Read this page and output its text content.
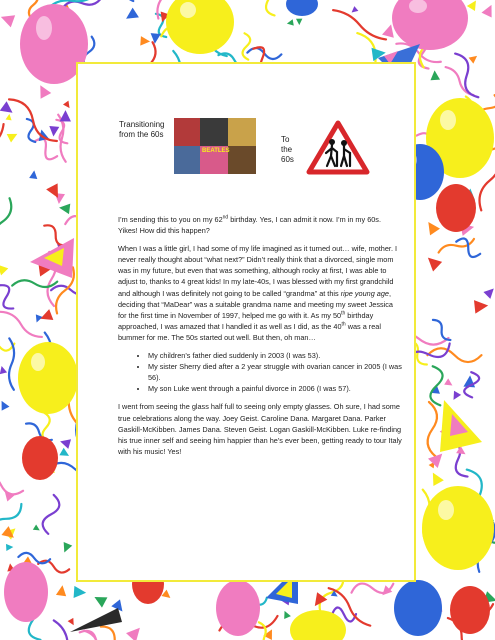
Transitioning from the 60s
BEATLES
To the 60s

I’m sending this to you on my 62nd birthday. Yes, I can admit it now. I’m in my 60s. Yikes! How did this happen?

When I was a little girl, I had some of my life imagined as it turned out… wife, mother. I never really thought about “what next?” Didn’t really think that a divorced, single mom was in my future, but even that was something, although rocky at first, I was able to adjust to, thanks to 4 great kids! In my late-40s, I was blessed with my first grandchild and although I was definitely not going to be called “grandma” at this ripe young age, deciding that “MaDear” was a suitable grandma name and meeting my sweet Jessica for the first time in November of 1997, helped me go with it. As my 50th birthday approached, I was amazed that I handled it as well as I did, as the 40th was a real bummer for me. The 50s started out well. But then, oh man…

• My children’s father died suddenly in 2003 (I was 53).
• My sister Sherry died after a 2 year struggle with ovarian cancer in 2005 (I was 56).
• My son Luke went through a painful divorce in 2006 (I was 57).

I went from seeing the glass half full to seeing only empty glasses. Oh sure, I had some true celebrations along the way. Joey Geist. Caroline Dana. Margaret Dana. Parker Gaskill-McKibben. James Dana. Steven Geist. Logan Gaskill-McKibben. Luke re-finding his true inner self and seeing him happier than he’s ever been, getting ready to tour Italy with his music! Yes!
